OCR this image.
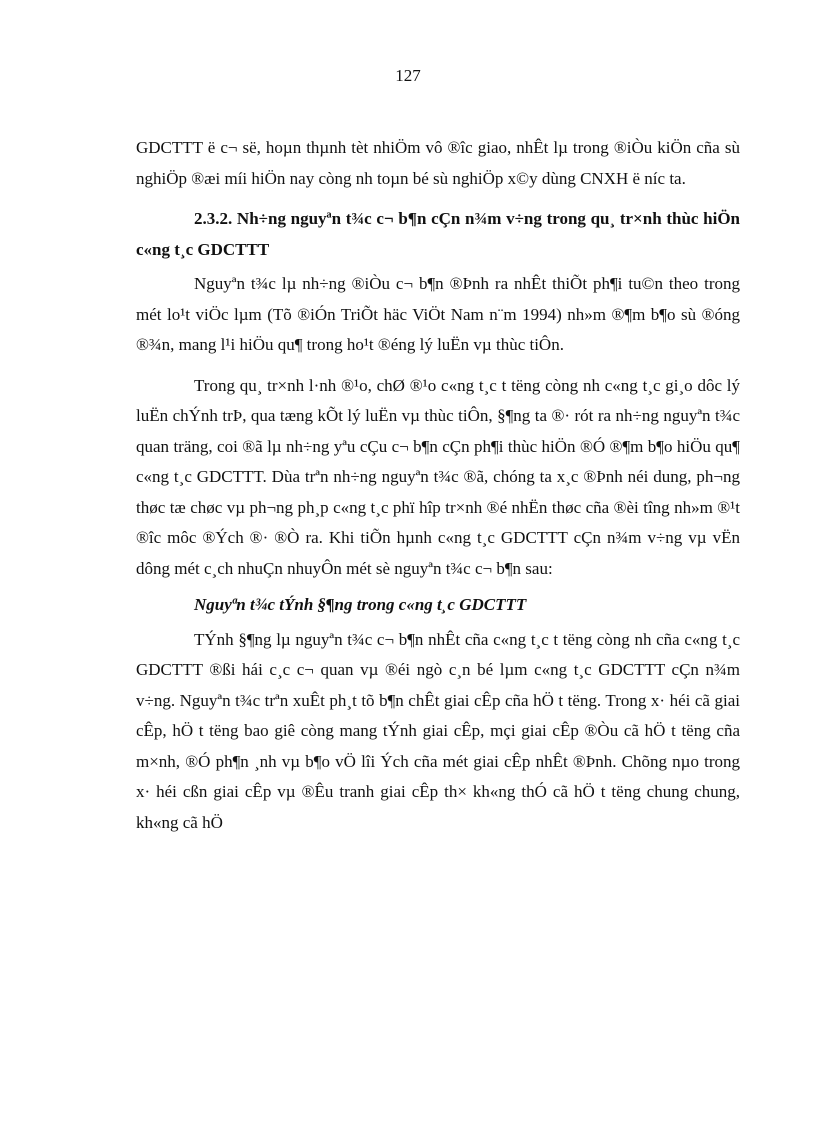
127

GDCTTT ë c¬ së, hoµn thµnh tèt nhiÖm vô ®îc giao, nhÊt lµ trong ®iÒu kiÖn cña sù nghiÖp ®æi míi hiÖn nay còng nh toµn bé sù nghiÖp x©y dùng CNXH ë níc ta.

2.3.2. Nh÷ng nguyªn t¾c c¬ b¶n cÇn n¾m v÷ng trong qu¸ tr×nh thùc hiÖn c«ng t¸c GDCTTT

Nguyªn t¾c lµ nh÷ng ®iÒu c¬ b¶n ®Þnh ra nhÊt thiÕt ph¶i tu©n theo trong mét lo¹t viÖc lµm (Tõ ®iÓn TriÕt häc ViÖt Nam n¨m 1994) nh»m ®¶m b¶o sù ®óng ®¾n, mang l¹i hiÖu qu¶ trong ho¹t ®éng lý luËn vµ thùc tiÔn.

Trong qu¸ tr×nh l·nh ®¹o, chØ ®¹o c«ng t¸c t tëng còng nh c«ng t¸c gi¸o dôc lý luËn chÝnh trÞ, qua tæng kÕt lý luËn vµ thùc tiÔn, §¶ng ta ®· rót ra nh÷ng nguyªn t¾c quan träng, coi ®ã lµ nh÷ng yªu cÇu c¬ b¶n cÇn ph¶i thùc hiÖn ®Ó ®¶m b¶o hiÖu qu¶ c«ng t¸c GDCTTT. Dùa trªn nh÷ng nguyªn t¾c ®ã, chóng ta x¸c ®Þnh néi dung, ph¬ng thøc tæ chøc vµ ph¬ng ph¸p c«ng t¸c phï hîp tr×nh ®é nhËn thøc cña ®èi tîng nh»m ®¹t ®îc môc ®Ých ®· ®Ò ra. Khi tiÕn hµnh c«ng t¸c GDCTTT cÇn n¾m v÷ng vµ vËn dông mét c¸ch nhuÇn nhuyÔn mét sè nguyªn t¾c c¬ b¶n sau:

Nguyªn t¾c tÝnh §¶ng trong c«ng t¸c GDCTTT

TÝnh §¶ng lµ nguyªn t¾c c¬ b¶n nhÊt cña c«ng t¸c t tëng còng nh cña c«ng t¸c GDCTTT ®ßi hái c¸c c¬ quan vµ ®éi ngò c¸n bé lµm c«ng t¸c GDCTTT cÇn n¾m v÷ng. Nguyªn t¾c trªn xuÊt ph¸t tõ b¶n chÊt giai cÊp cña hÖ t tëng. Trong x· héi cã giai cÊp, hÖ t tëng bao giê còng mang tÝnh giai cÊp, mçi giai cÊp ®Òu cã hÖ t tëng cña m×nh, ®Ó ph¶n ¸nh vµ b¶o vÖ lîi Ých cña mét giai cÊp nhÊt ®Þnh. Chõng nµo trong x· héi cßn giai cÊp vµ ®Êu tranh giai cÊp th× kh«ng thÓ cã hÖ t tëng chung chung, kh«ng cã hÖ
